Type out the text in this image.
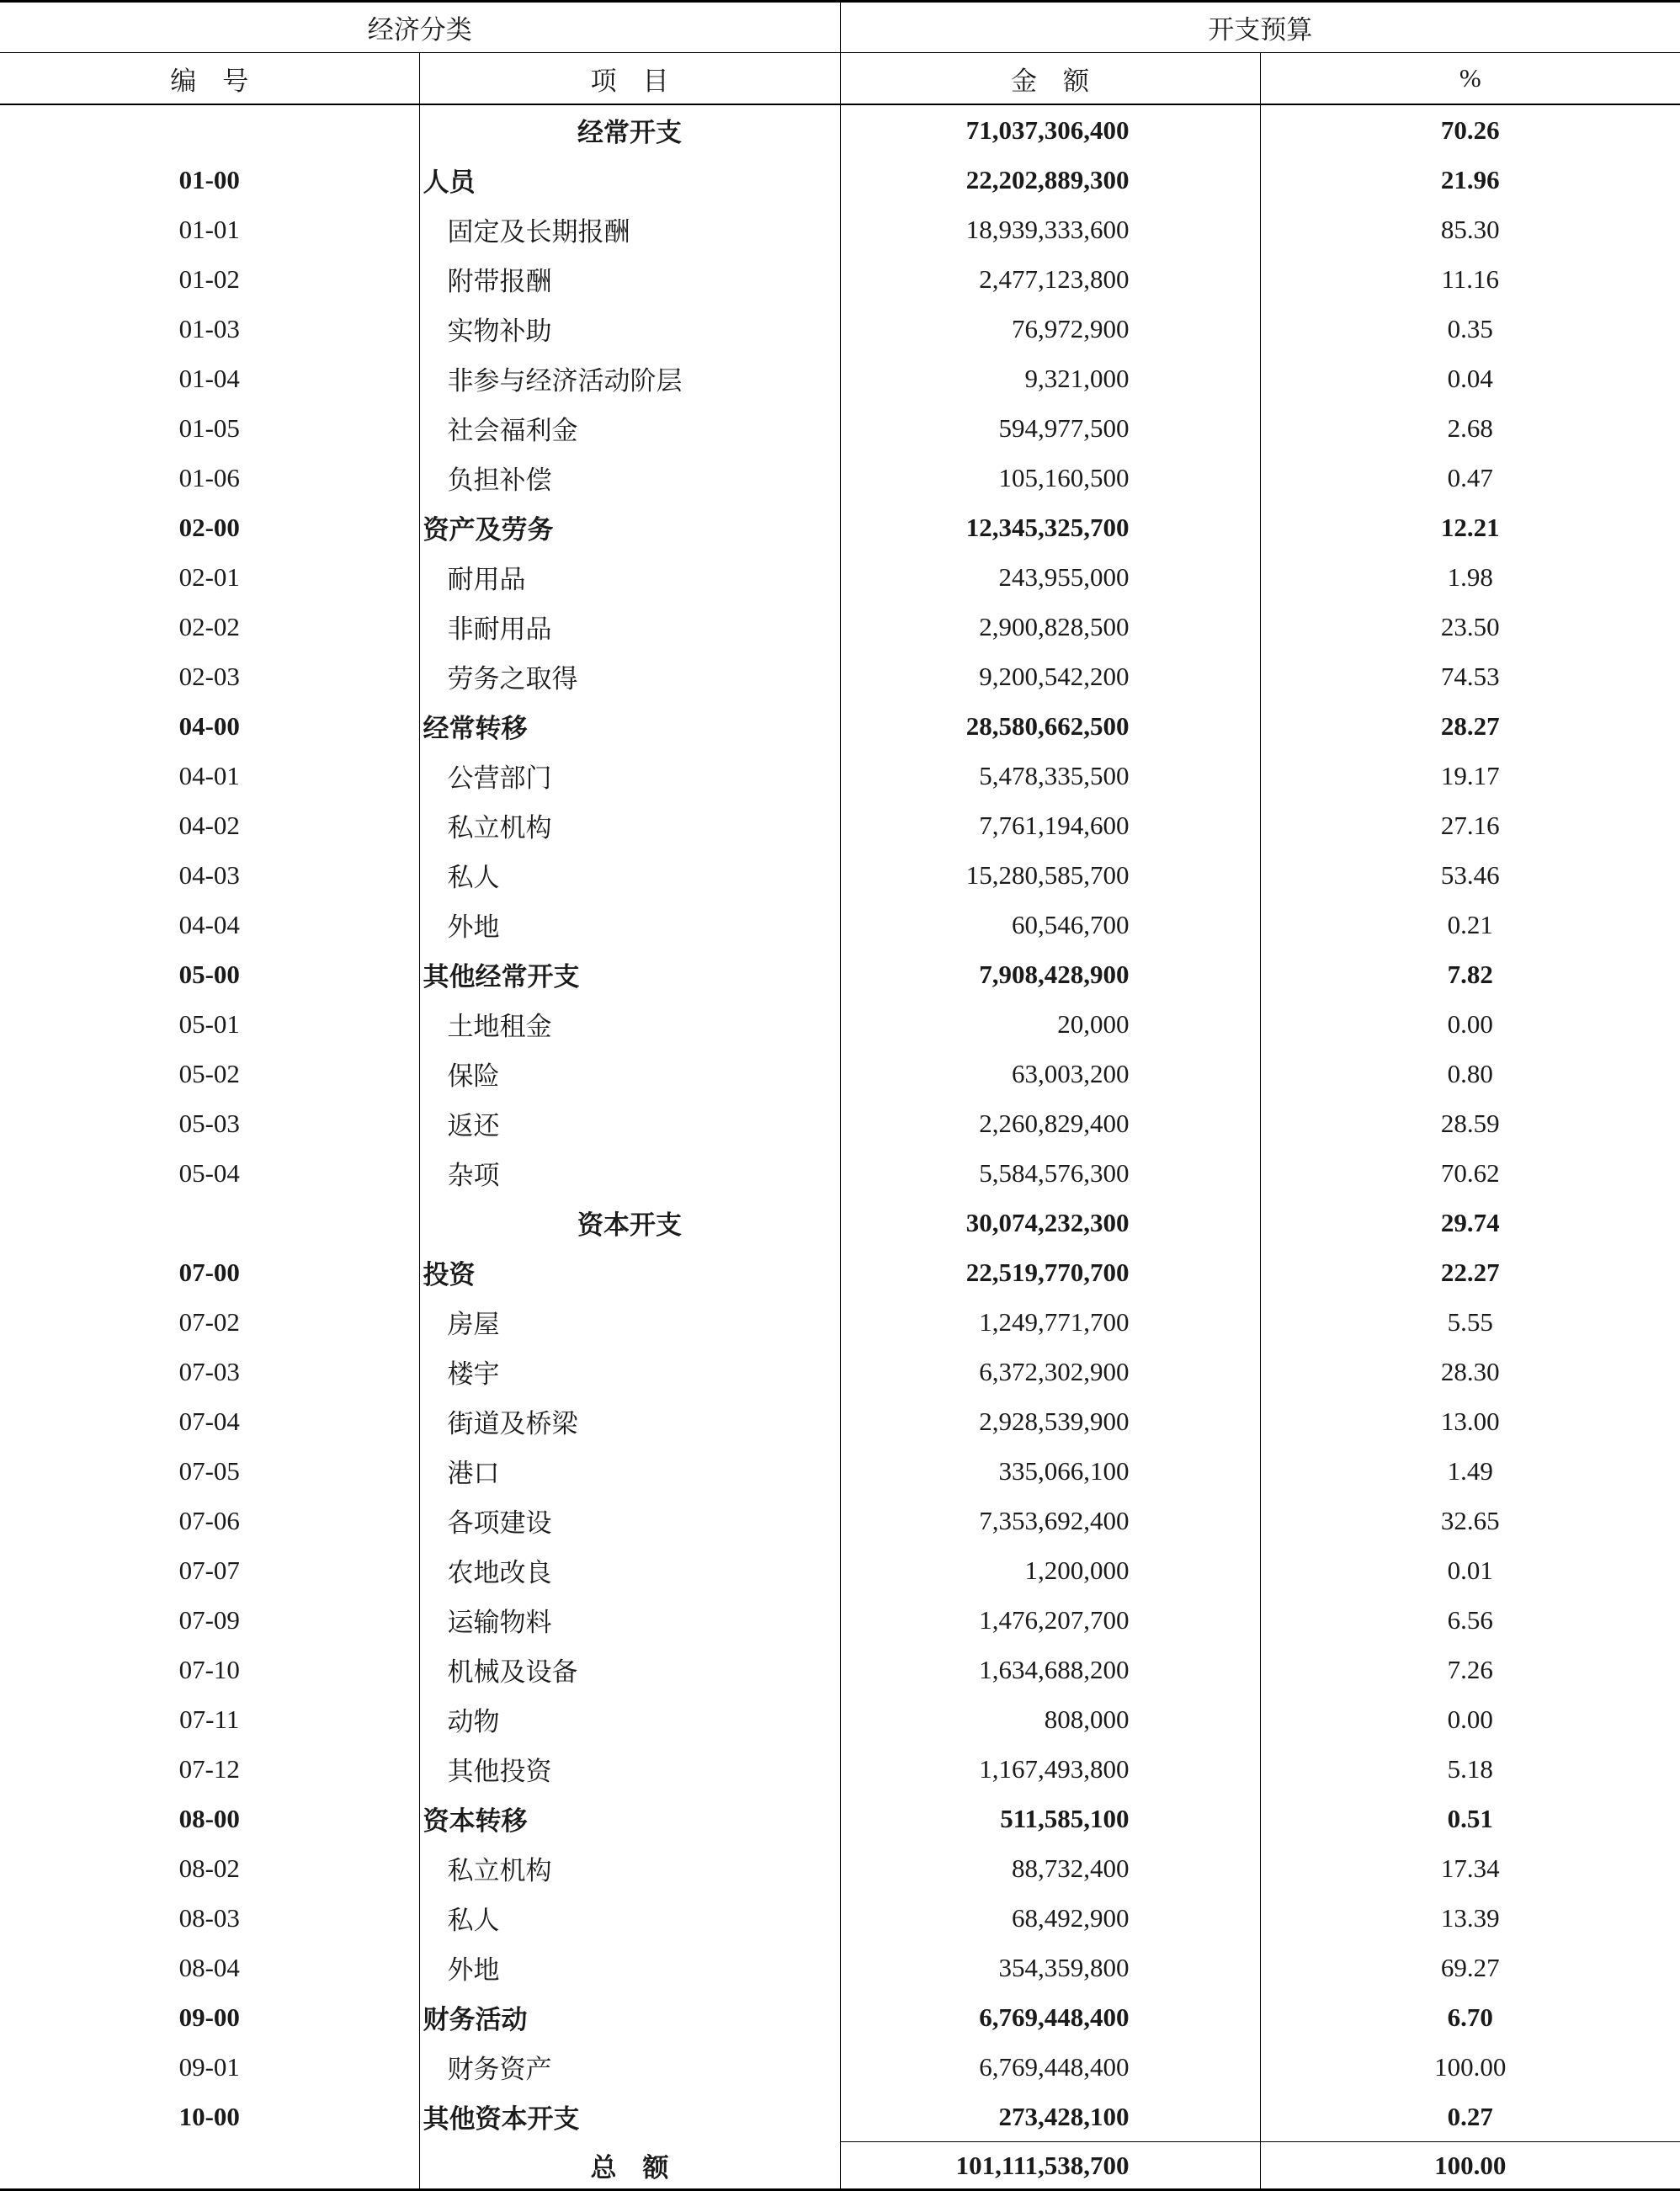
经济分类		开支预算	
编　号	项　目	金　额	%
	经常开支	71,037,306,400	70.26
01-00	人员	22,202,889,300	21.96
01-01	固定及长期报酬	18,939,333,600	85.30
01-02	附带报酬	2,477,123,800	11.16
01-03	实物补助	76,972,900	0.35
01-04	非参与经济活动阶层	9,321,000	0.04
01-05	社会福利金	594,977,500	2.68
01-06	负担补偿	105,160,500	0.47
02-00	资产及劳务	12,345,325,700	12.21
02-01	耐用品	243,955,000	1.98
02-02	非耐用品	2,900,828,500	23.50
02-03	劳务之取得	9,200,542,200	74.53
04-00	经常转移	28,580,662,500	28.27
04-01	公营部门	5,478,335,500	19.17
04-02	私立机构	7,761,194,600	27.16
04-03	私人	15,280,585,700	53.46
04-04	外地	60,546,700	0.21
05-00	其他经常开支	7,908,428,900	7.82
05-01	土地租金	20,000	0.00
05-02	保险	63,003,200	0.80
05-03	返还	2,260,829,400	28.59
05-04	杂项	5,584,576,300	70.62
	资本开支	30,074,232,300	29.74
07-00	投资	22,519,770,700	22.27
07-02	房屋	1,249,771,700	5.55
07-03	楼宇	6,372,302,900	28.30
07-04	街道及桥梁	2,928,539,900	13.00
07-05	港口	335,066,100	1.49
07-06	各项建设	7,353,692,400	32.65
07-07	农地改良	1,200,000	0.01
07-09	运输物料	1,476,207,700	6.56
07-10	机械及设备	1,634,688,200	7.26
07-11	动物	808,000	0.00
07-12	其他投资	1,167,493,800	5.18
08-00	资本转移	511,585,100	0.51
08-02	私立机构	88,732,400	17.34
08-03	私人	68,492,900	13.39
08-04	外地	354,359,800	69.27
09-00	财务活动	6,769,448,400	6.70
09-01	财务资产	6,769,448,400	100.00
10-00	其他资本开支	273,428,100	0.27
	总　额	101,111,538,700	100.00
